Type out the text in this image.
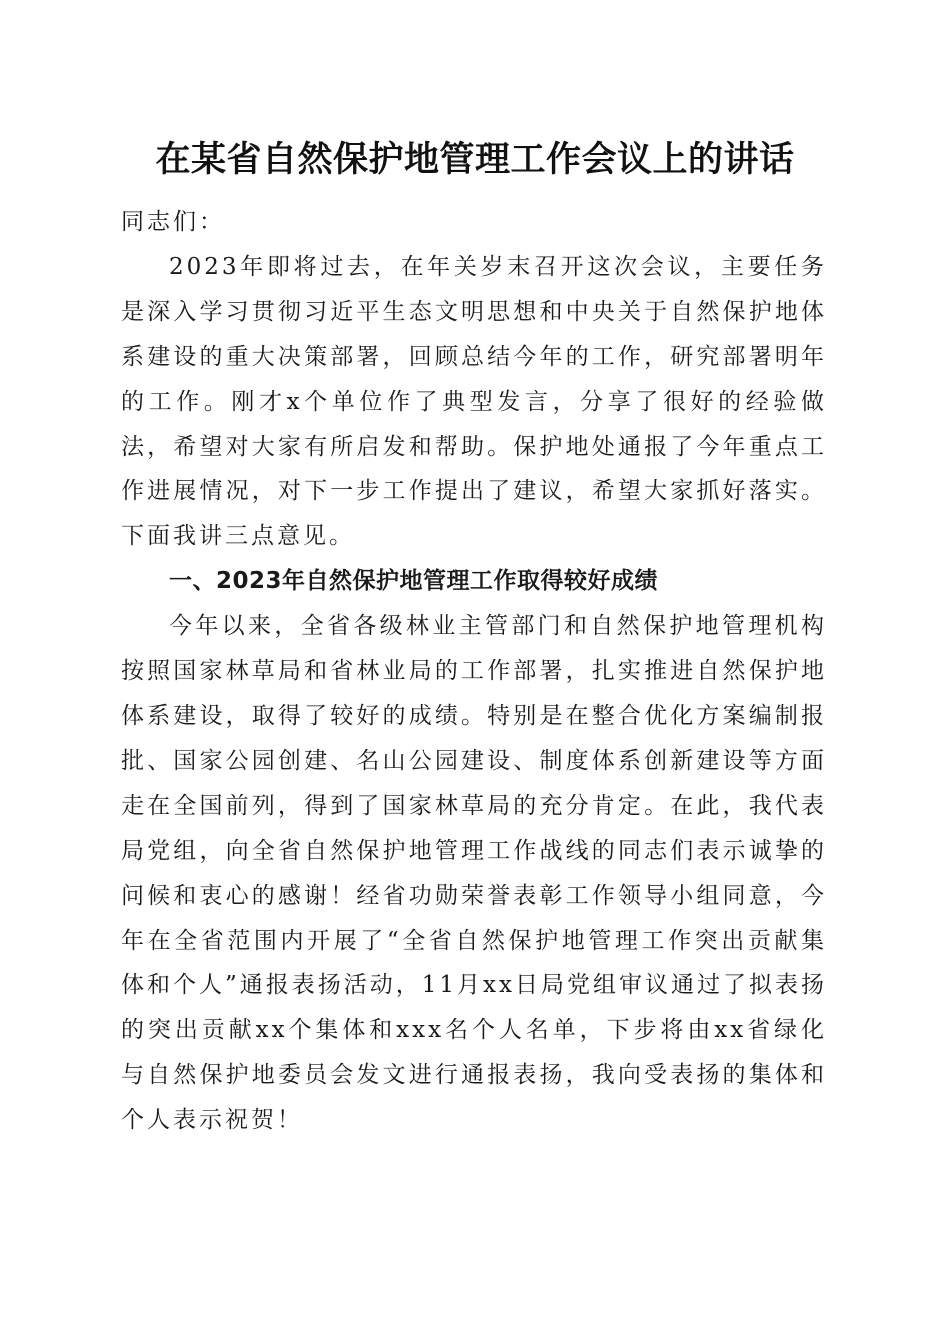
在某省自然保护地管理工作会议上的讲话

同志们：

2023年即将过去，在年关岁末召开这次会议，主要任务是深入学习贯彻习近平生态文明思想和中央关于自然保护地体系建设的重大决策部署，回顾总结今年的工作，研究部署明年的工作。刚才x个单位作了典型发言，分享了很好的经验做法，希望对大家有所启发和帮助。保护地处通报了今年重点工作进展情况，对下一步工作提出了建议，希望大家抓好落实。下面我讲三点意见。

一、2023年自然保护地管理工作取得较好成绩

今年以来，全省各级林业主管部门和自然保护地管理机构按照国家林草局和省林业局的工作部署，扎实推进自然保护地体系建设，取得了较好的成绩。特别是在整合优化方案编制报批、国家公园创建、名山公园建设、制度体系创新建设等方面走在全国前列，得到了国家林草局的充分肯定。在此，我代表局党组，向全省自然保护地管理工作战线的同志们表示诚挚的问候和衷心的感谢！经省功勋荣誉表彰工作领导小组同意，今年在全省范围内开展了“全省自然保护地管理工作突出贡献集体和个人”通报表扬活动，11月xx日局党组审议通过了拟表扬的突出贡献xx个集体和xxx名个人名单，下步将由xx省绿化与自然保护地委员会发文进行通报表扬，我向受表扬的集体和个人表示祝贺！
